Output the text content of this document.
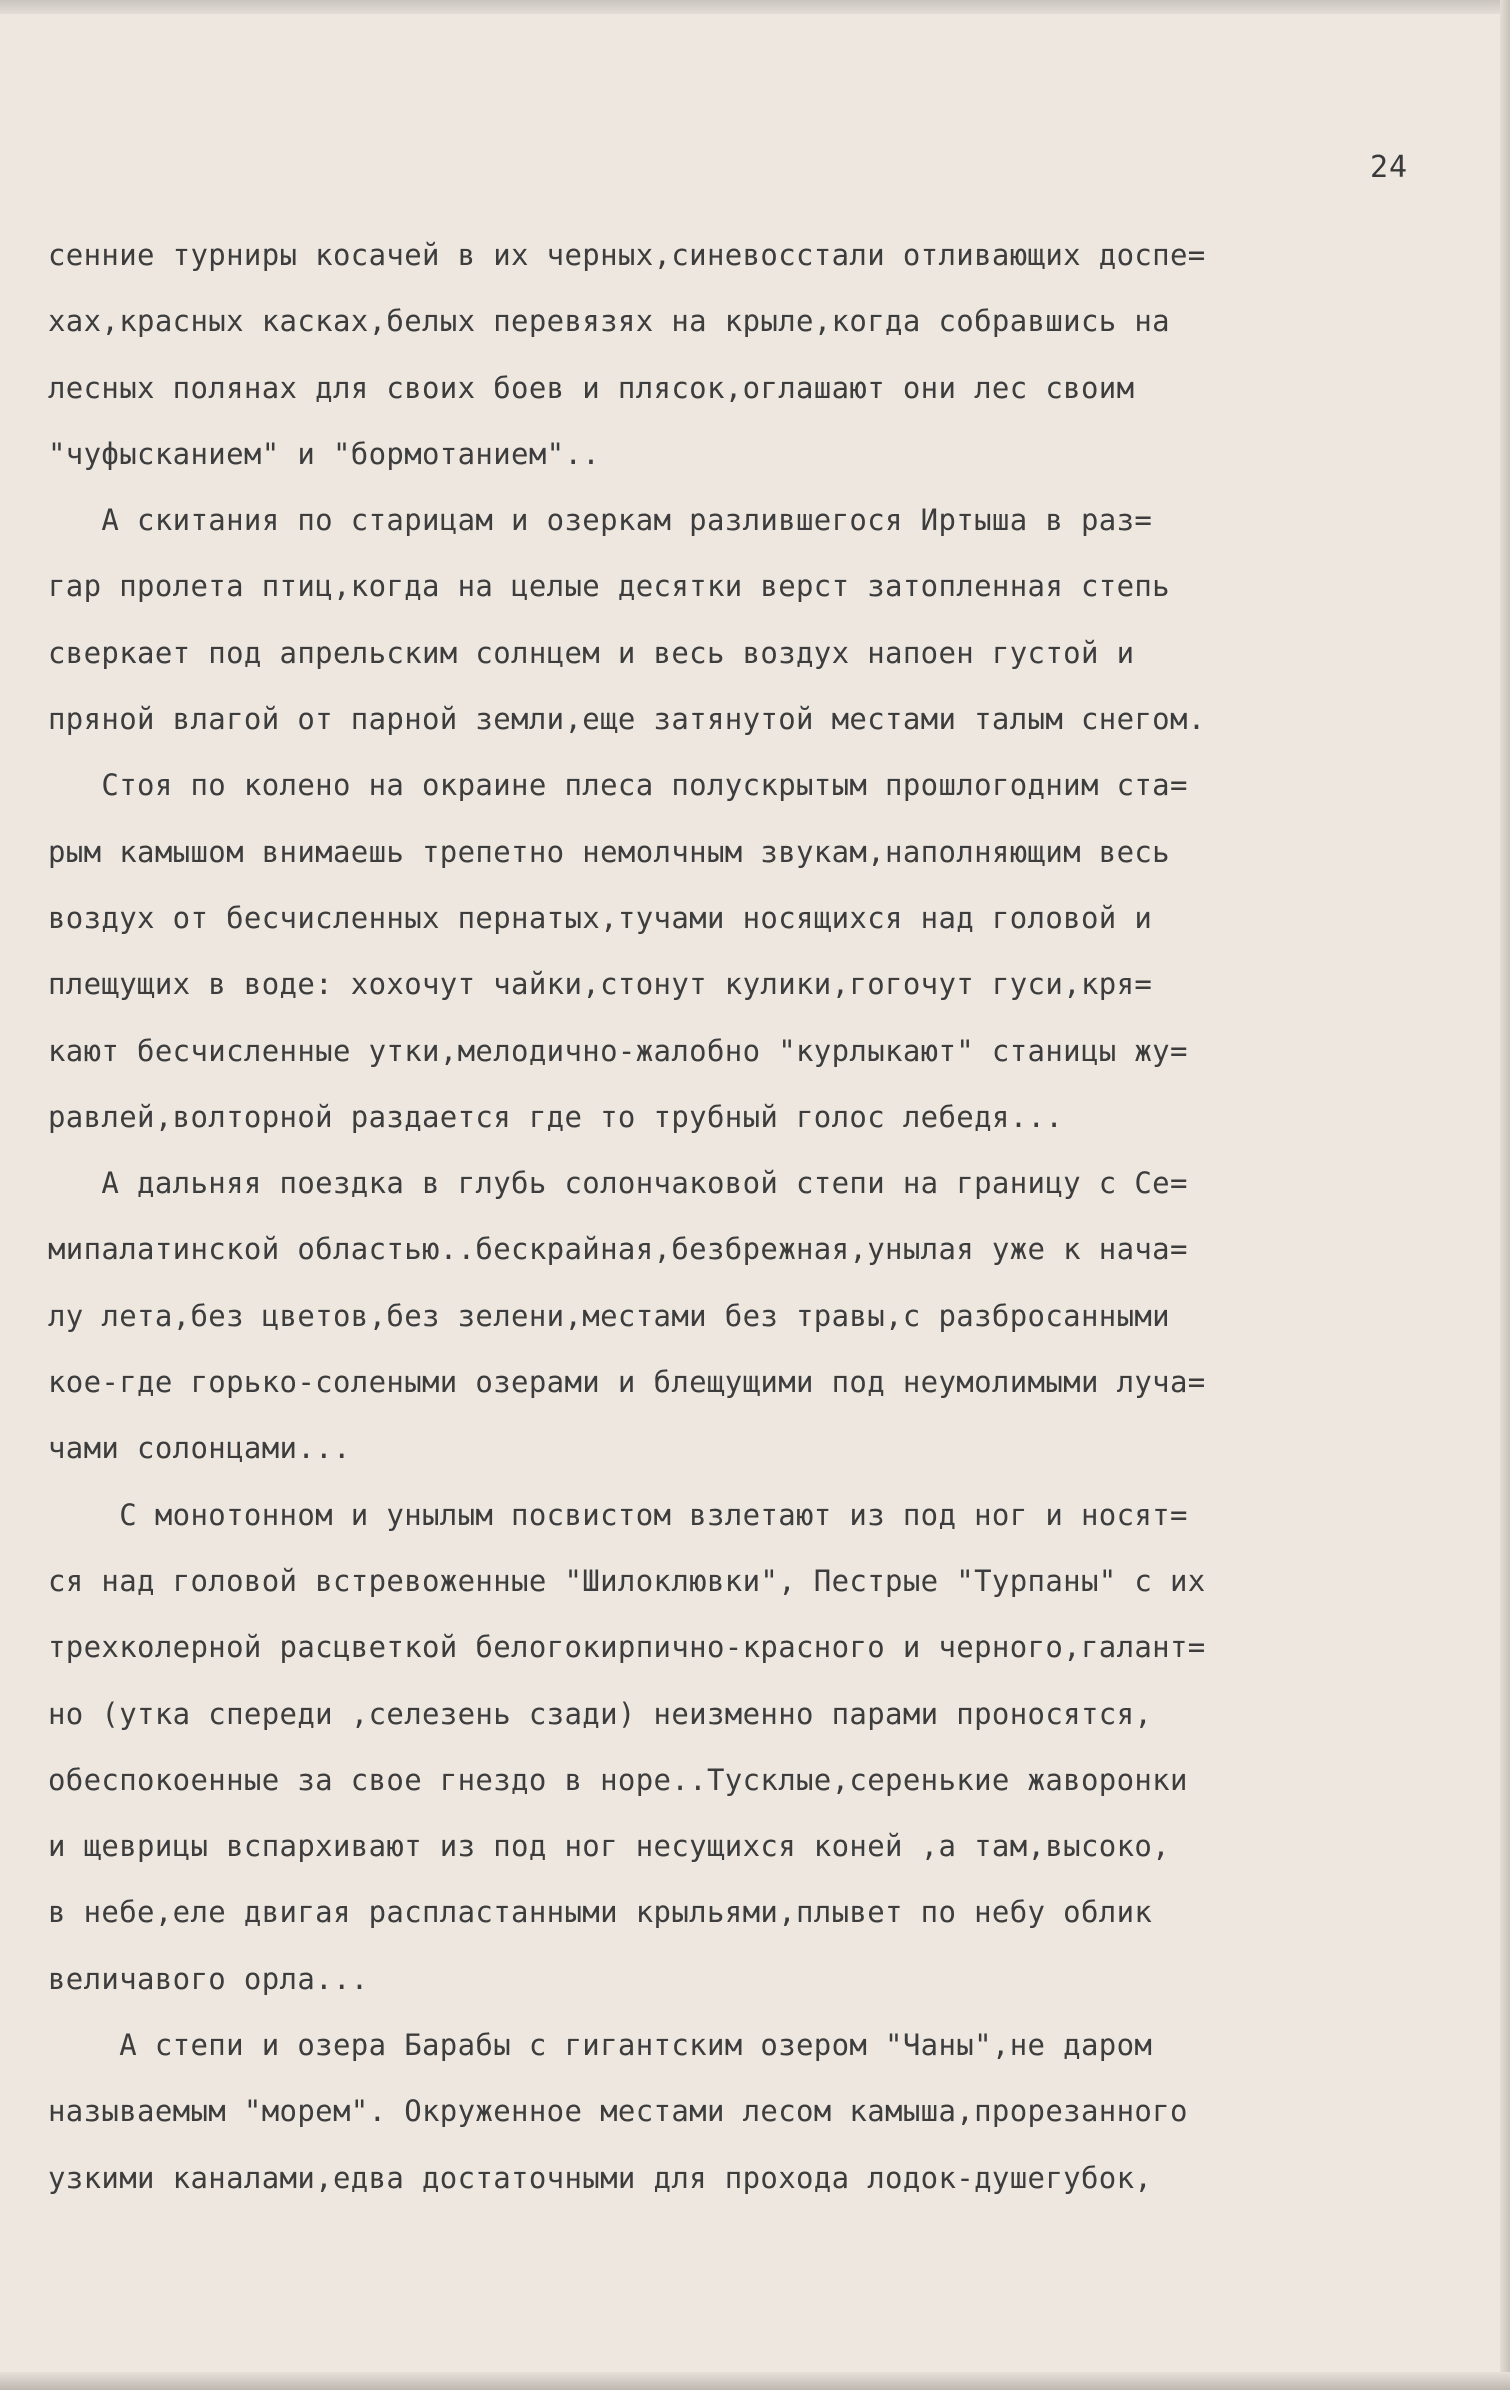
24
сенние турниры косачей в их черных,синевосстали отливающих доспе=
хах,красных касках,белых перевязях на крыле,когда собравшись на
лесных полянах для своих боев и плясок,оглашают они лес своим
"чуфысканием" и "бормотанием"..
А скитания по старицам и озеркам разлившегося Иртыша в раз=
гар пролета птиц,когда на целые десятки верст затопленная степь
сверкает под апрельским солнцем и весь воздух напоен густой и
пряной влагой от парной земли,еще затянутой местами талым снегом.
Стоя по колено на окраине плеса полускрытым прошлогодним ста=
рым камышом внимаешь трепетно немолчным звукам,наполняющим весь
воздух от бесчисленных пернатых,тучами носящихся над головой и
плещущих в воде: хохочут чайки,стонут кулики,гогочут гуси,кря=
кают бесчисленные утки,мелодично-жалобно "курлыкают" станицы жу=
равлей,волторной раздается где то трубный голос лебедя...
А дальняя поездка в глубь солончаковой степи на границу с Се=
мипалатинской областью..бескрайная,безбрежная,унылая уже к нача=
лу лета,без цветов,без зелени,местами без травы,с разбросанными
кое-где горько-солеными озерами и блещущими под неумолимыми луча=
чами солонцами...
С монотонном и унылым посвистом взлетают из под ног и носят=
ся над головой встревоженные "Шилоклювки", Пестрые "Турпаны" с их
трехколерной расцветкой белогокирпично-красного и черного,галант=
но (утка спереди ,селезень сзади) неизменно парами проносятся,
обеспокоенные за свое гнездо в норе..Тусклые,серенькие жаворонки
и щеврицы вспархивают из под ног несущихся коней ,а там,высоко,
в небе,еле двигая распластанными крыльями,плывет по небу облик
величавого орла...
А степи и озера Барабы с гигантским озером "Чаны",не даром
называемым "морем". Окруженное местами лесом камыша,прорезанного
узкими каналами,едва достаточными для прохода лодок-душегубок,
